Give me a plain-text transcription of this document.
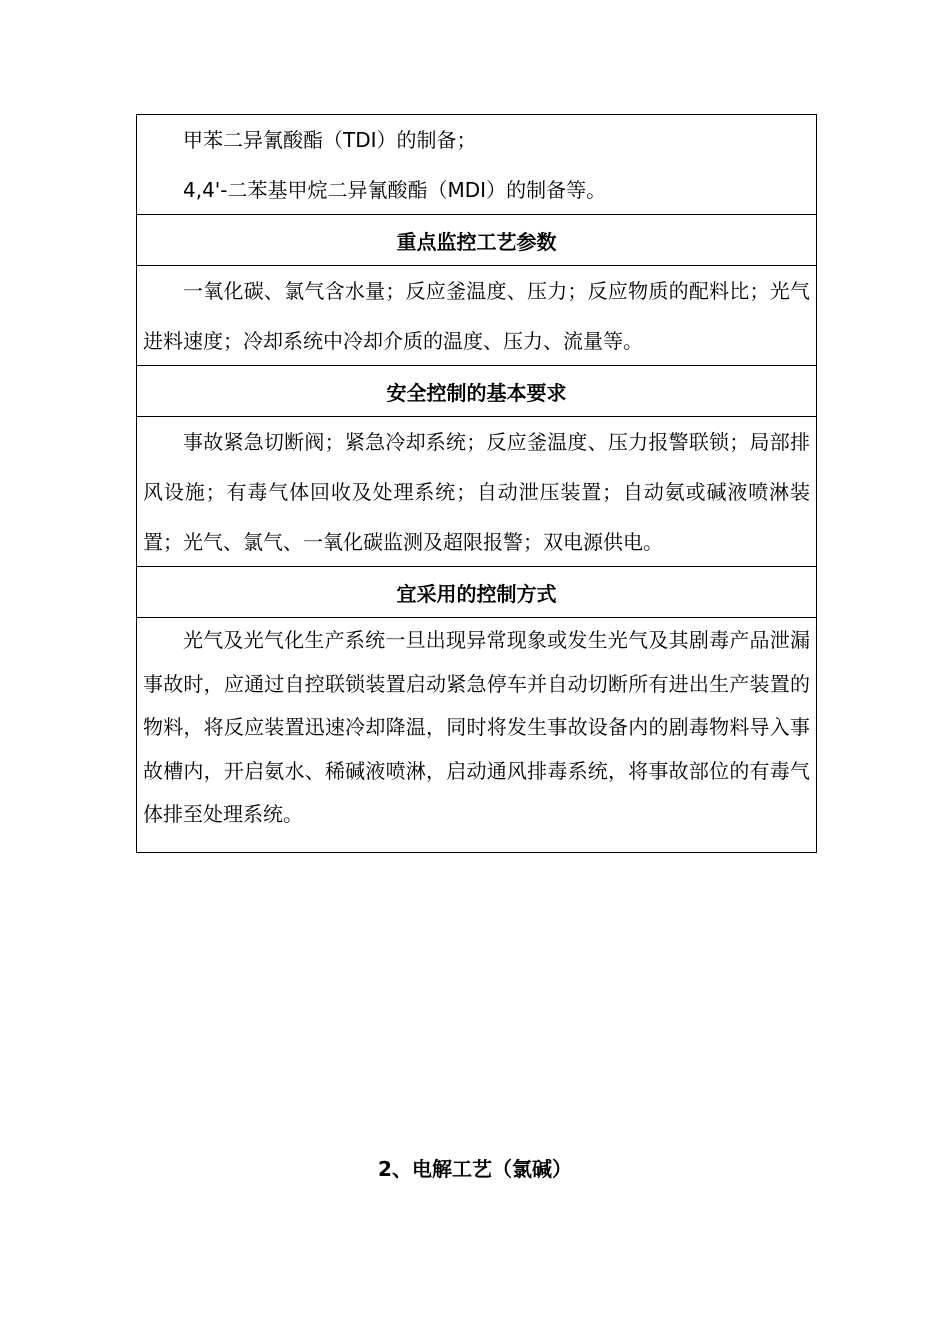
甲苯二异氰酸酯（TDI）的制备；

4,4'-二苯基甲烷二异氰酸酯（MDI）的制备等。

重点监控工艺参数

一氧化碳、氯气含水量；反应釜温度、压力；反应物质的配料比；光气进料速度；冷却系统中冷却介质的温度、压力、流量等。

安全控制的基本要求

事故紧急切断阀；紧急冷却系统；反应釜温度、压力报警联锁；局部排风设施；有毒气体回收及处理系统；自动泄压装置；自动氨或碱液喷淋装置；光气、氯气、一氧化碳监测及超限报警；双电源供电。

宜采用的控制方式

光气及光气化生产系统一旦出现异常现象或发生光气及其剧毒产品泄漏事故时，应通过自控联锁装置启动紧急停车并自动切断所有进出生产装置的物料，将反应装置迅速冷却降温，同时将发生事故设备内的剧毒物料导入事故槽内，开启氨水、稀碱液喷淋，启动通风排毒系统，将事故部位的有毒气体排至处理系统。

2、电解工艺（氯碱）
